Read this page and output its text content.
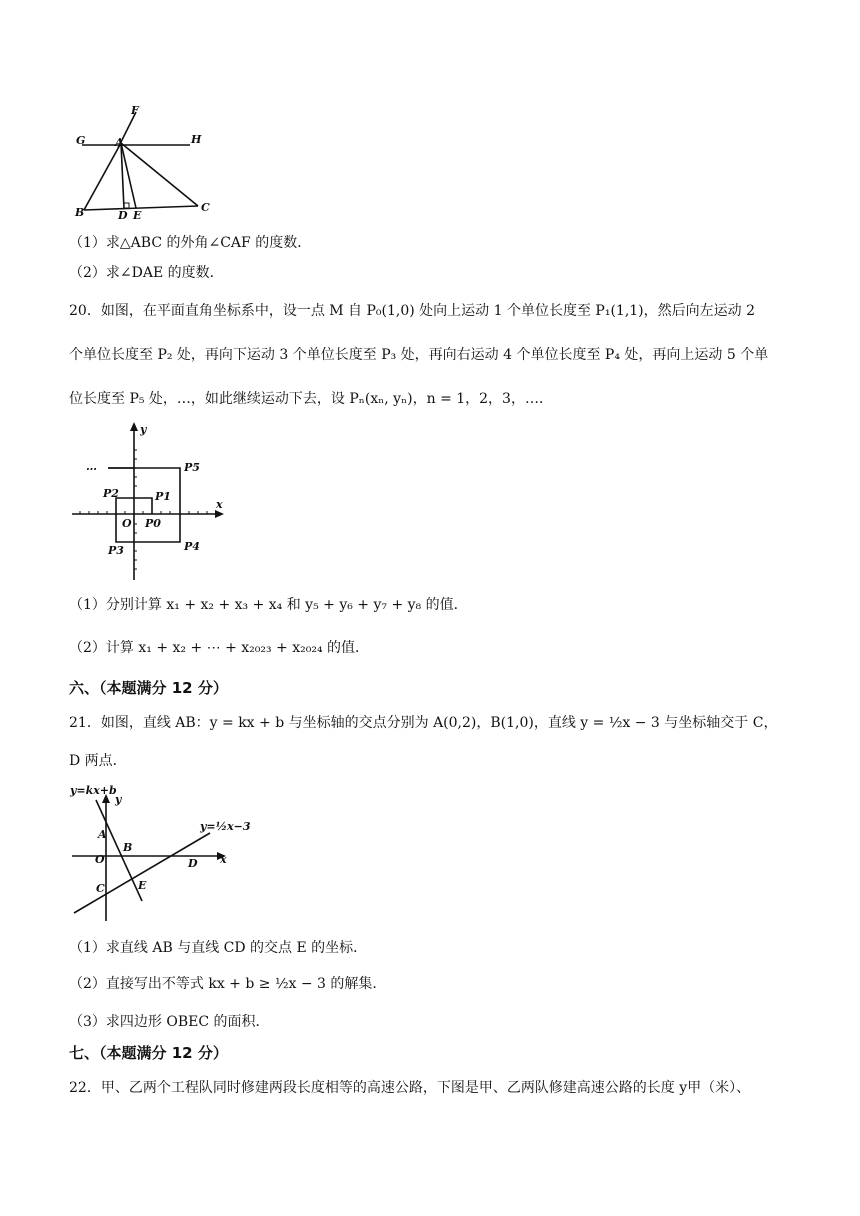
F
G	A	H
B	D E
C
（1）求△ABC 的外角∠CAF 的度数．
（2）求∠DAE 的度数．
20．如图，在平面直角坐标系中，设一点 M 自 P₀(1,0) 处向上运动 1 个单位长度至 P₁(1,1)，然后向左运动 2
个单位长度至 P₂ 处，再向下运动 3 个单位长度至 P₃ 处，再向右运动 4 个单位长度至 P₄ 处，再向上运动 5 个单
位长度至 P₅ 处，…，如此继续运动下去，设 Pₙ(xₙ, yₙ)，n = 1，2，3，…．
y
x
…	P5
P2	P1
O P0
P3	P4
（1）分别计算 x₁ + x₂ + x₃ + x₄ 和 y₅ + y₆ + y₇ + y₈ 的值．
（2）计算 x₁ + x₂ + ⋯ + x₂₀₂₃ + x₂₀₂₄ 的值．
六、（本题满分 12 分）
21．如图，直线 AB：y = kx + b 与坐标轴的交点分别为 A(0,2)，B(1,0)，直线 y = ½x − 3 与坐标轴交于 C，
D 两点．
y=kx+b
y
A
B
O	D x
C	E
y=½x−3
（1）求直线 AB 与直线 CD 的交点 E 的坐标．
（2）直接写出不等式 kx + b ≥ ½x − 3 的解集．
（3）求四边形 OBEC 的面积．
七、（本题满分 12 分）
22．甲、乙两个工程队同时修建两段长度相等的高速公路，下图是甲、乙两队修建高速公路的长度 y甲（米）、
